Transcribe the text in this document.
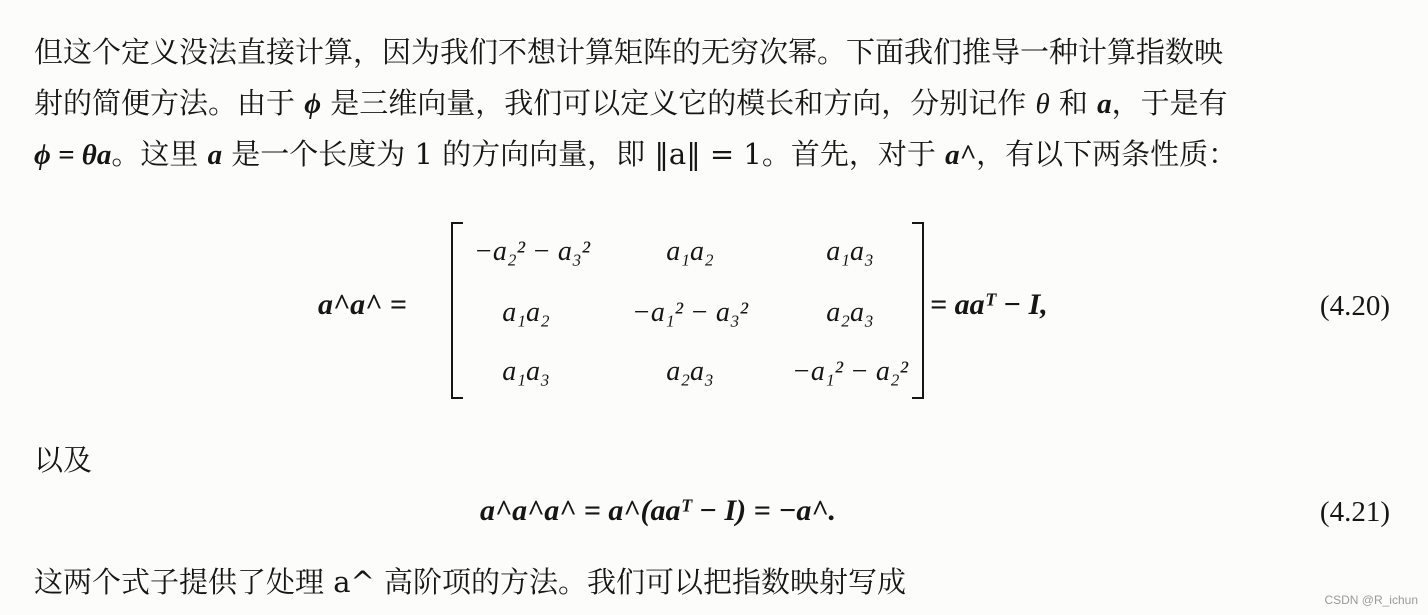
但这个定义没法直接计算，因为我们不想计算矩阵的无穷次幂。下面我们推导一种计算指数映
射的简便方法。由于 ϕ 是三维向量，我们可以定义它的模长和方向，分别记作 θ 和 a，于是有
ϕ = θa。这里 a 是一个长度为 1 的方向向量，即 ‖a‖ = 1。首先，对于 a^，有以下两条性质：
a^a^ =
−a₂² − a₃²	a₁a₂	a₁a₃
a₁a₂	−a₁² − a₃²	a₂a₃
a₁a₃	a₂a₃	−a₁² − a₂²
= aaᵀ − I,	(4.20)
以及
a^a^a^ = a^(aaᵀ − I) = −a^.	(4.21)
这两个式子提供了处理 a^ 高阶项的方法。我们可以把指数映射写成
CSDN @R_ichun
